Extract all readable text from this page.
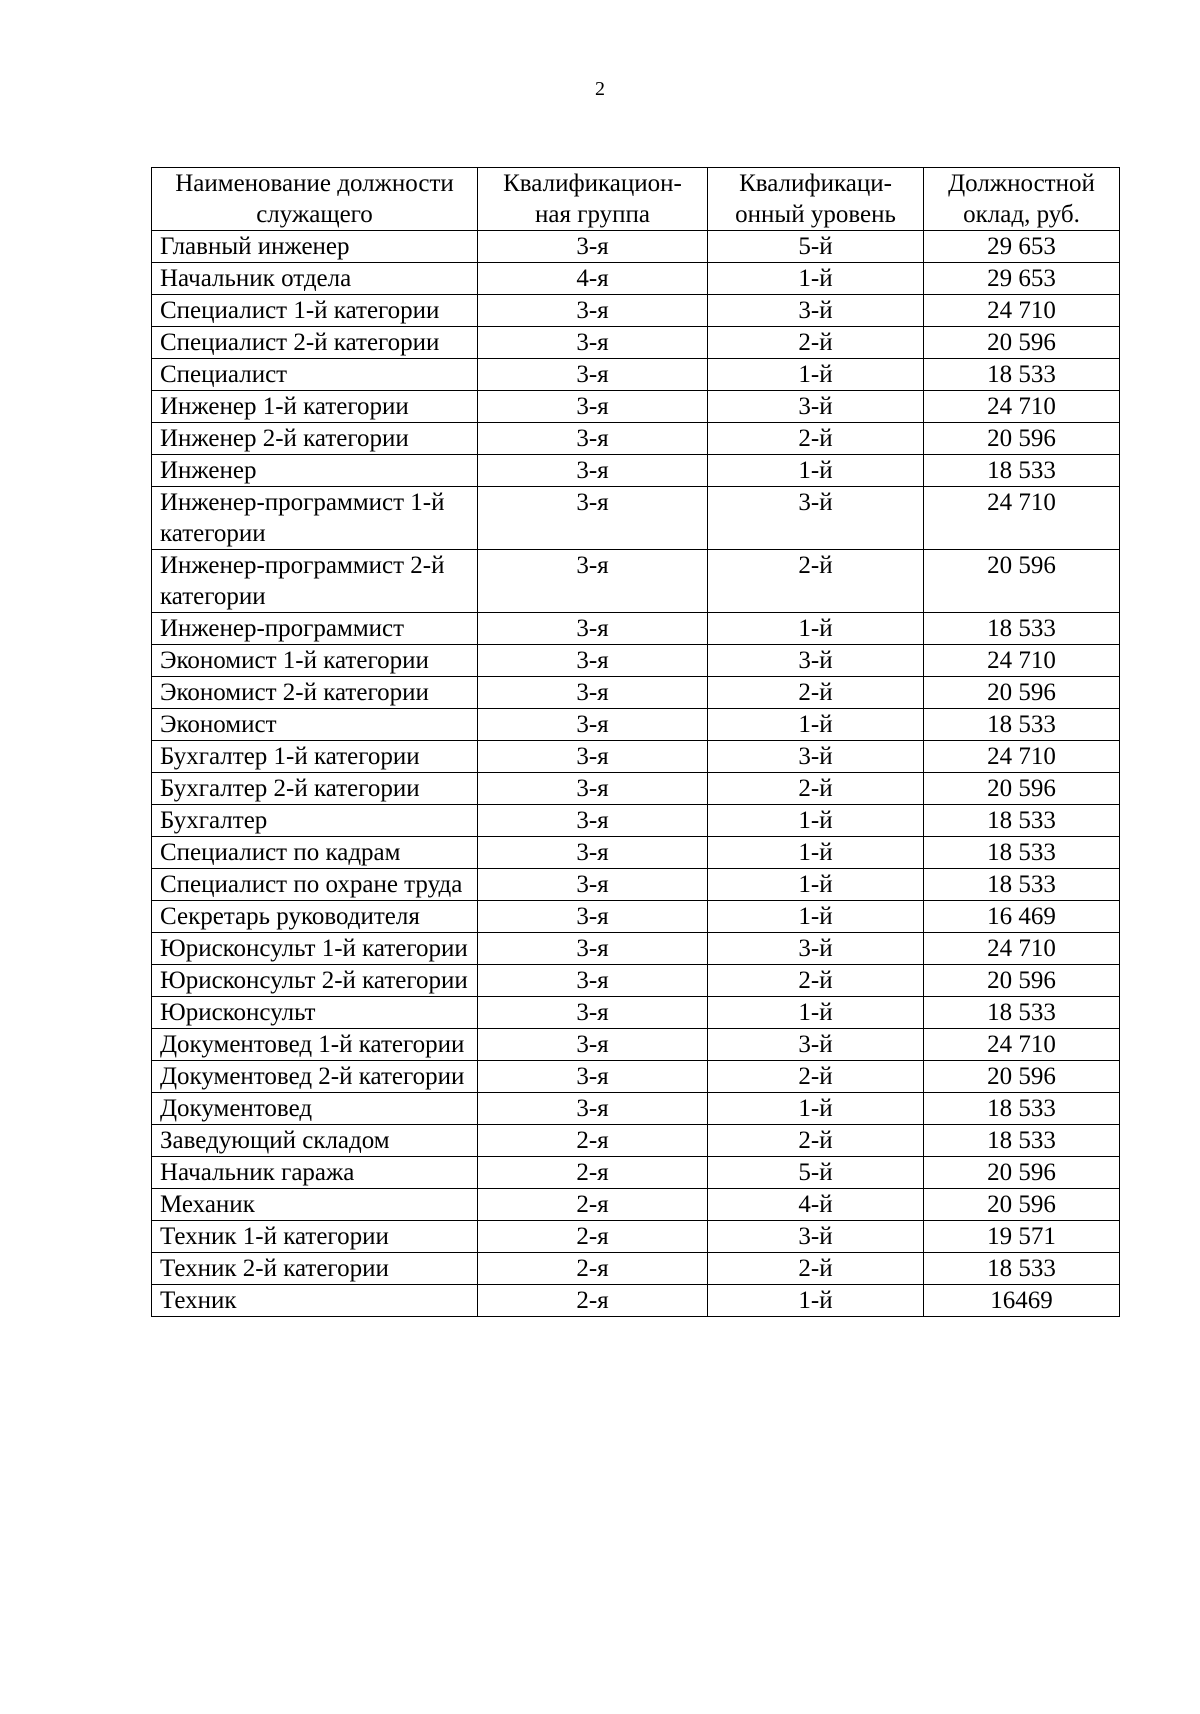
2
Наименование должности служащего	Квалификацион-ная группа	Квалификаци-онный уровень	Должностной оклад, руб.
Главный инженер	3-я	5-й	29 653
Начальник отдела	4-я	1-й	29 653
Специалист 1-й категории	3-я	3-й	24 710
Специалист 2-й категории	3-я	2-й	20 596
Специалист	3-я	1-й	18 533
Инженер 1-й категории	3-я	3-й	24 710
Инженер 2-й категории	3-я	2-й	20 596
Инженер	3-я	1-й	18 533
Инженер-программист 1-й категории	3-я	3-й	24 710
Инженер-программист 2-й категории	3-я	2-й	20 596
Инженер-программист	3-я	1-й	18 533
Экономист 1-й категории	3-я	3-й	24 710
Экономист 2-й категории	3-я	2-й	20 596
Экономист	3-я	1-й	18 533
Бухгалтер 1-й категории	3-я	3-й	24 710
Бухгалтер 2-й категории	3-я	2-й	20 596
Бухгалтер	3-я	1-й	18 533
Специалист по кадрам	3-я	1-й	18 533
Специалист по охране труда	3-я	1-й	18 533
Секретарь руководителя	3-я	1-й	16 469
Юрисконсульт 1-й категории	3-я	3-й	24 710
Юрисконсульт 2-й категории	3-я	2-й	20 596
Юрисконсульт	3-я	1-й	18 533
Документовед 1-й категории	3-я	3-й	24 710
Документовед 2-й категории	3-я	2-й	20 596
Документовед	3-я	1-й	18 533
Заведующий складом	2-я	2-й	18 533
Начальник гаража	2-я	5-й	20 596
Механик	2-я	4-й	20 596
Техник 1-й категории	2-я	3-й	19 571
Техник 2-й категории	2-я	2-й	18 533
Техник	2-я	1-й	16469
